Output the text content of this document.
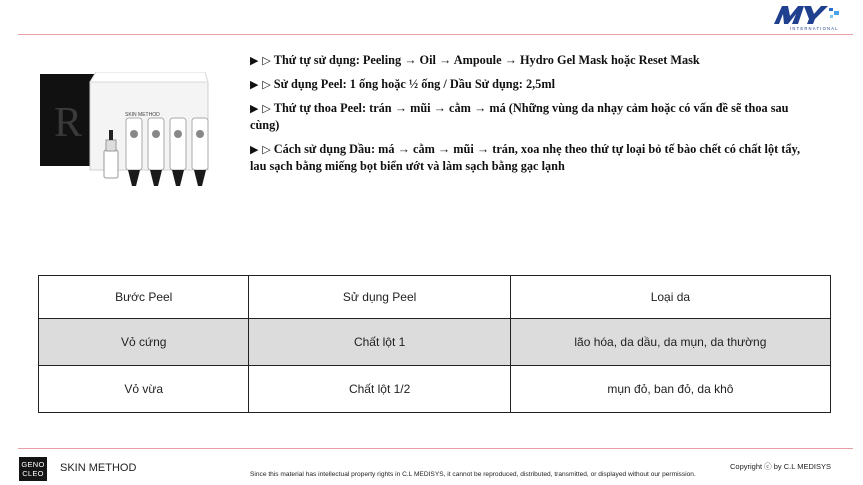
INTERNATIONAL
R	SKIN METHOD

▶ ▷ Thứ tự sử dụng: Peeling → Oil → Ampoule → Hydro Gel Mask hoặc Reset Mask

▶ ▷ Sử dụng Peel: 1 ống hoặc ½ ống / Dầu Sử dụng: 2,5ml

▶ ▷ Thứ tự thoa Peel: trán → mũi → cằm → má (Những vùng da nhạy cảm hoặc có vấn đề sẽ thoa sau cùng)

▶ ▷ Cách sử dụng Dầu: má → cằm → mũi → trán, xoa nhẹ theo thứ tự loại bỏ tế bào chết có chất lột tẩy, lau sạch bằng miếng bọt biển ướt và làm sạch bằng gạc lạnh

Bước Peel	Sử dụng Peel	Loại da
Vỏ cứng	Chất lột 1	lão hóa, da dầu, da mụn, da thường
Vỏ vừa	Chất lột 1/2	mụn đỏ, ban đỏ, da khô
GENO
CLEO SKIN METHOD
Since this material has intellectual property rights in C.L MEDISYS, it cannot be reproduced, distributed, transmitted, or displayed without our permission.
Copyright ⓒ by C.L MEDISYS
